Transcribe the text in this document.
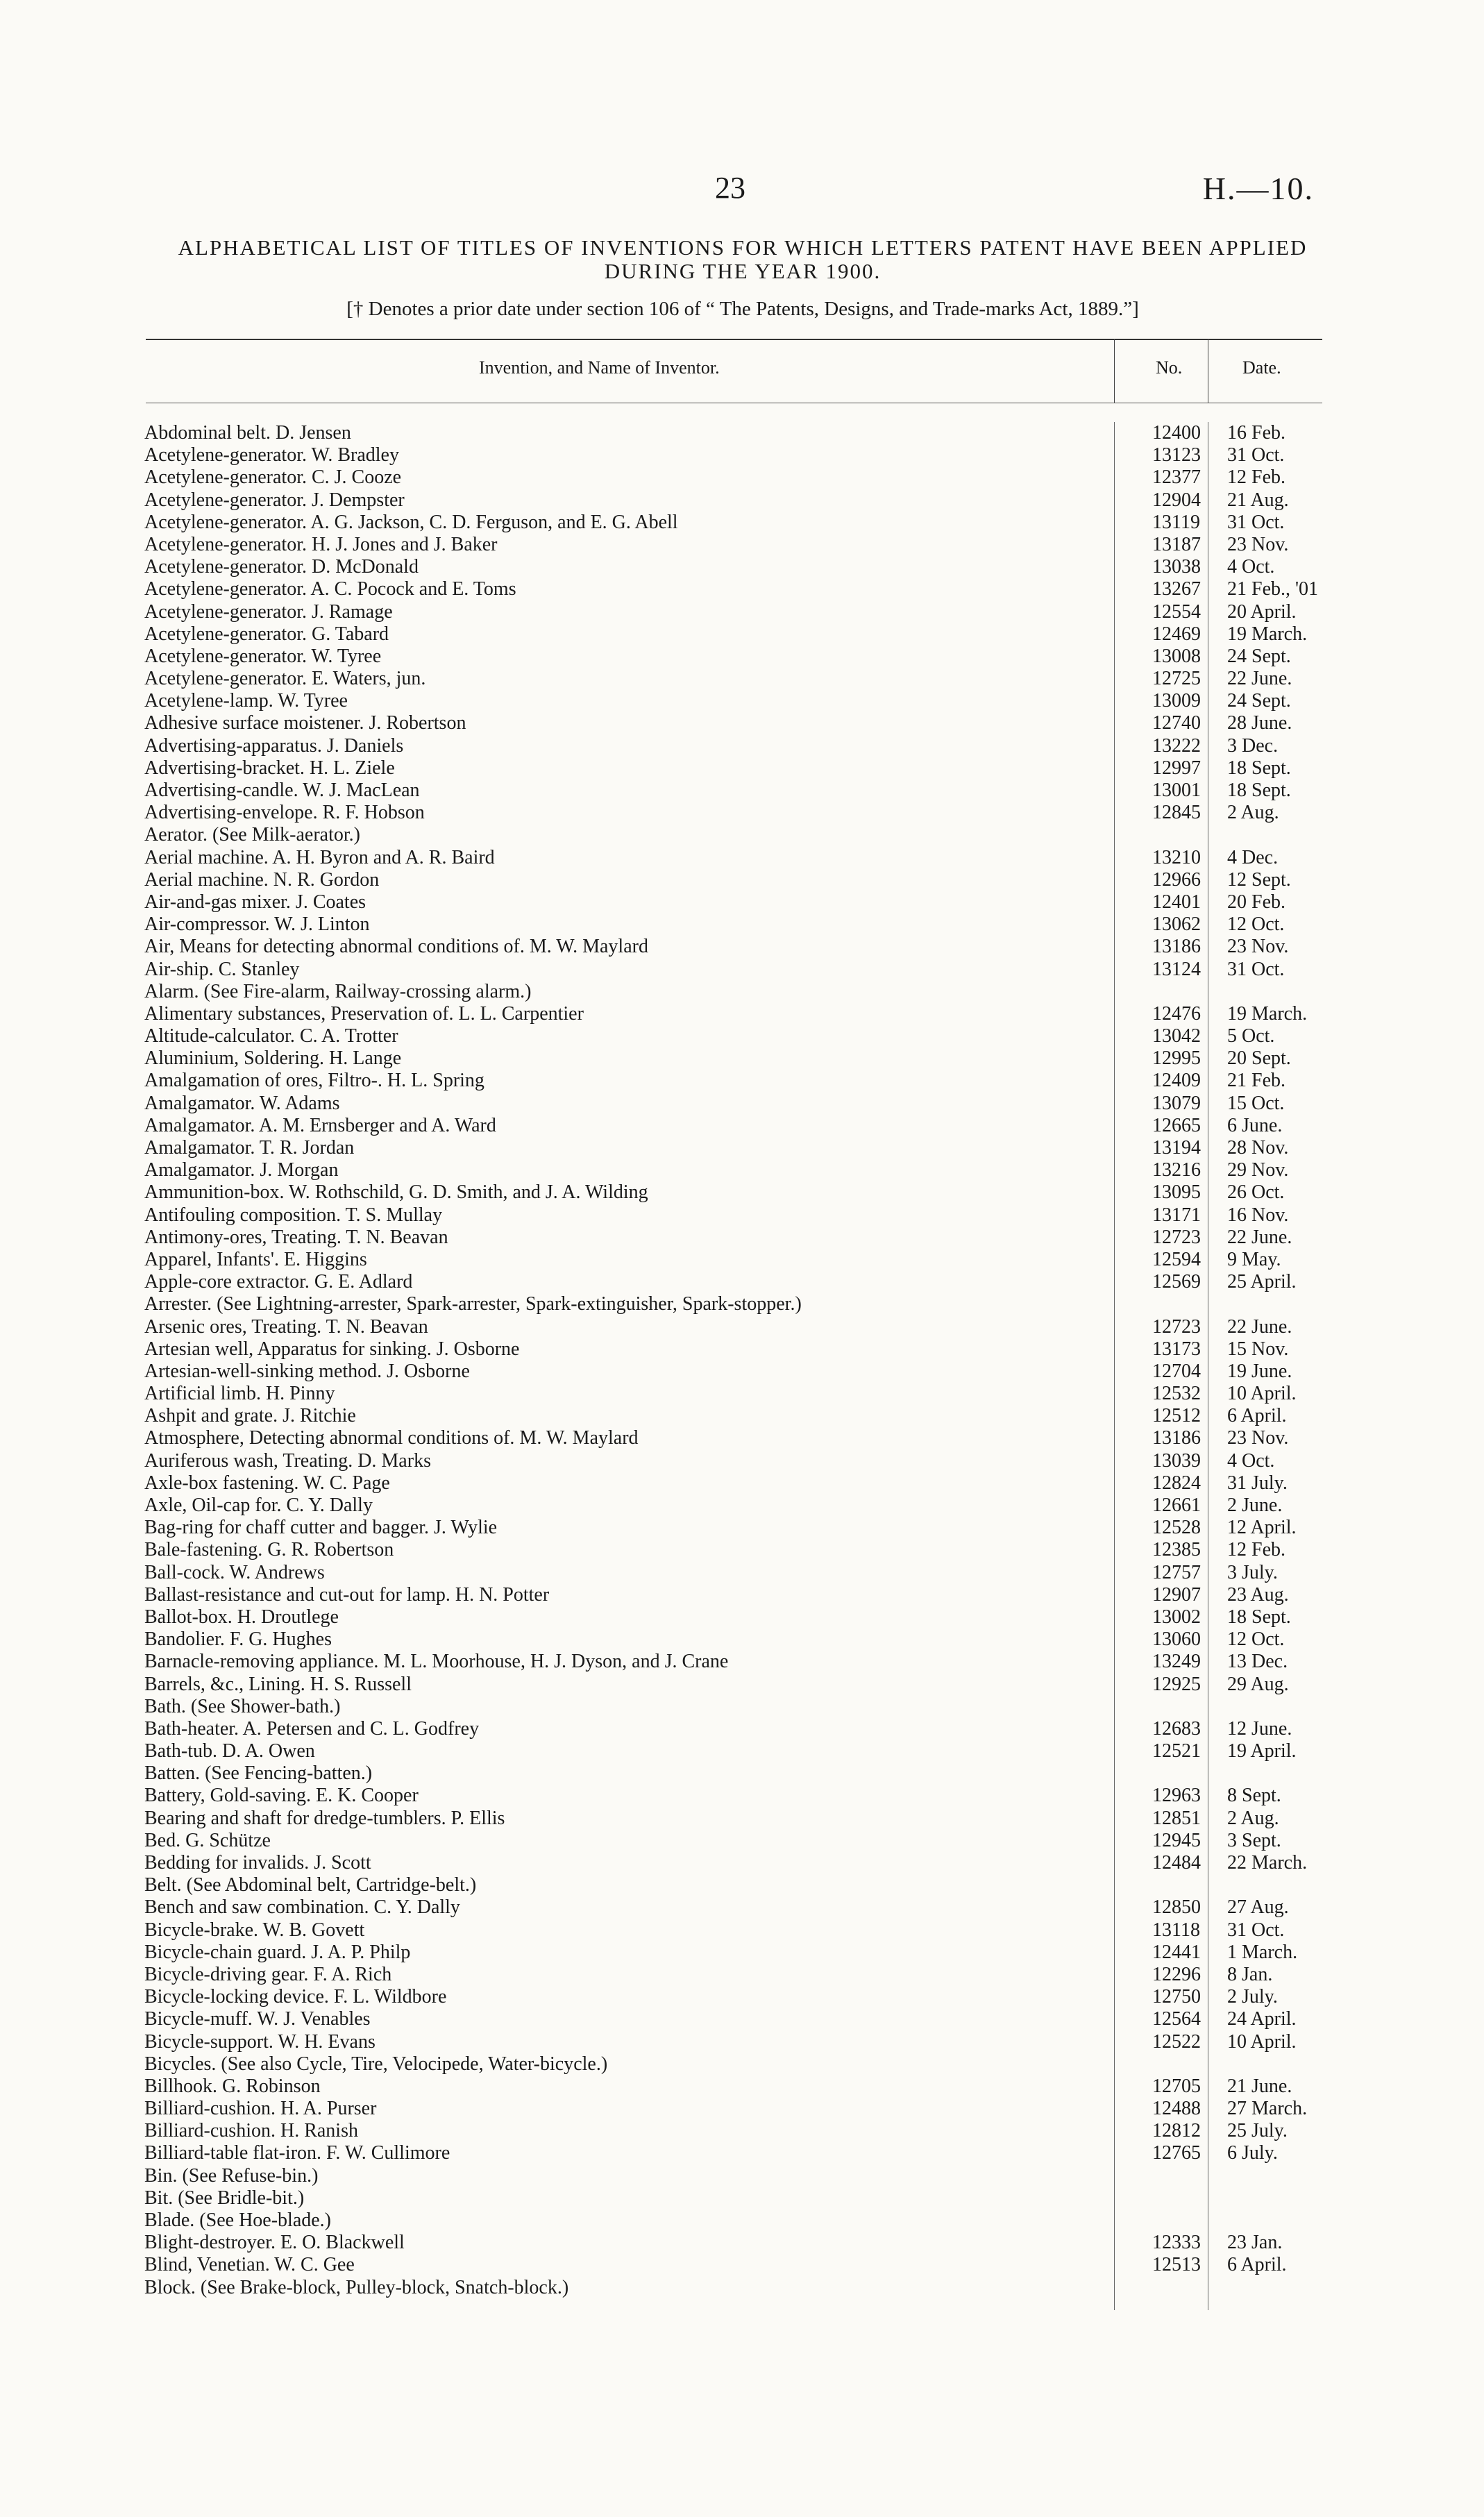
23	H.—10.
ALPHABETICAL LIST OF TITLES OF INVENTIONS FOR WHICH LETTERS PATENT HAVE BEEN APPLIED DURING THE YEAR 1900.
[† Denotes a prior date under section 106 of “ The Patents, Designs, and Trade-marks Act, 1889.”]
Invention, and Name of Inventor.	No.	Date.
Abdominal belt. D. Jensen	12400	16 Feb.
Acetylene-generator. W. Bradley	13123	31 Oct.
Acetylene-generator. C. J. Cooze	12377	12 Feb.
Acetylene-generator. J. Dempster	12904	21 Aug.
Acetylene-generator. A. G. Jackson, C. D. Ferguson, and E. G. Abell	13119	31 Oct.
Acetylene-generator. H. J. Jones and J. Baker	13187	23 Nov.
Acetylene-generator. D. McDonald	13038	4 Oct.
Acetylene-generator. A. C. Pocock and E. Toms	13267	21 Feb., '01
Acetylene-generator. J. Ramage	12554	20 April.
Acetylene-generator. G. Tabard	12469	19 March.
Acetylene-generator. W. Tyree	13008	24 Sept.
Acetylene-generator. E. Waters, jun.	12725	22 June.
Acetylene-lamp. W. Tyree	13009	24 Sept.
Adhesive surface moistener. J. Robertson	12740	28 June.
Advertising-apparatus. J. Daniels	13222	3 Dec.
Advertising-bracket. H. L. Ziele	12997	18 Sept.
Advertising-candle. W. J. MacLean	13001	18 Sept.
Advertising-envelope. R. F. Hobson	12845	2 Aug.
Aerator. (See Milk-aerator.)
Aerial machine. A. H. Byron and A. R. Baird	13210	4 Dec.
Aerial machine. N. R. Gordon	12966	12 Sept.
Air-and-gas mixer. J. Coates	12401	20 Feb.
Air-compressor. W. J. Linton	13062	12 Oct.
Air, Means for detecting abnormal conditions of. M. W. Maylard	13186	23 Nov.
Air-ship. C. Stanley	13124	31 Oct.
Alarm. (See Fire-alarm, Railway-crossing alarm.)
Alimentary substances, Preservation of. L. L. Carpentier	12476	19 March.
Altitude-calculator. C. A. Trotter	13042	5 Oct.
Aluminium, Soldering. H. Lange	12995	20 Sept.
Amalgamation of ores, Filtro-. H. L. Spring	12409	21 Feb.
Amalgamator. W. Adams	13079	15 Oct.
Amalgamator. A. M. Ernsberger and A. Ward	12665	6 June.
Amalgamator. T. R. Jordan	13194	28 Nov.
Amalgamator. J. Morgan	13216	29 Nov.
Ammunition-box. W. Rothschild, G. D. Smith, and J. A. Wilding	13095	26 Oct.
Antifouling composition. T. S. Mullay	13171	16 Nov.
Antimony-ores, Treating. T. N. Beavan	12723	22 June.
Apparel, Infants'. E. Higgins	12594	9 May.
Apple-core extractor. G. E. Adlard	12569	25 April.
Arrester. (See Lightning-arrester, Spark-arrester, Spark-extinguisher, Spark-stopper.)
Arsenic ores, Treating. T. N. Beavan	12723	22 June.
Artesian well, Apparatus for sinking. J. Osborne	13173	15 Nov.
Artesian-well-sinking method. J. Osborne	12704	19 June.
Artificial limb. H. Pinny	12532	10 April.
Ashpit and grate. J. Ritchie	12512	6 April.
Atmosphere, Detecting abnormal conditions of. M. W. Maylard	13186	23 Nov.
Auriferous wash, Treating. D. Marks	13039	4 Oct.
Axle-box fastening. W. C. Page	12824	31 July.
Axle, Oil-cap for. C. Y. Dally	12661	2 June.
Bag-ring for chaff cutter and bagger. J. Wylie	12528	12 April.
Bale-fastening. G. R. Robertson	12385	12 Feb.
Ball-cock. W. Andrews	12757	3 July.
Ballast-resistance and cut-out for lamp. H. N. Potter	12907	23 Aug.
Ballot-box. H. Droutlege	13002	18 Sept.
Bandolier. F. G. Hughes	13060	12 Oct.
Barnacle-removing appliance. M. L. Moorhouse, H. J. Dyson, and J. Crane	13249	13 Dec.
Barrels, &c., Lining. H. S. Russell	12925	29 Aug.
Bath. (See Shower-bath.)
Bath-heater. A. Petersen and C. L. Godfrey	12683	12 June.
Bath-tub. D. A. Owen	12521	19 April.
Batten. (See Fencing-batten.)
Battery, Gold-saving. E. K. Cooper	12963	8 Sept.
Bearing and shaft for dredge-tumblers. P. Ellis	12851	2 Aug.
Bed. G. Schütze	12945	3 Sept.
Bedding for invalids. J. Scott	12484	22 March.
Belt. (See Abdominal belt, Cartridge-belt.)
Bench and saw combination. C. Y. Dally	12850	27 Aug.
Bicycle-brake. W. B. Govett	13118	31 Oct.
Bicycle-chain guard. J. A. P. Philp	12441	1 March.
Bicycle-driving gear. F. A. Rich	12296	8 Jan.
Bicycle-locking device. F. L. Wildbore	12750	2 July.
Bicycle-muff. W. J. Venables	12564	24 April.
Bicycle-support. W. H. Evans	12522	10 April.
Bicycles. (See also Cycle, Tire, Velocipede, Water-bicycle.)
Billhook. G. Robinson	12705	21 June.
Billiard-cushion. H. A. Purser	12488	27 March.
Billiard-cushion. H. Ranish	12812	25 July.
Billiard-table flat-iron. F. W. Cullimore	12765	6 July.
Bin. (See Refuse-bin.)
Bit. (See Bridle-bit.)
Blade. (See Hoe-blade.)
Blight-destroyer. E. O. Blackwell	12333	23 Jan.
Blind, Venetian. W. C. Gee	12513	6 April.
Block. (See Brake-block, Pulley-block, Snatch-block.)
